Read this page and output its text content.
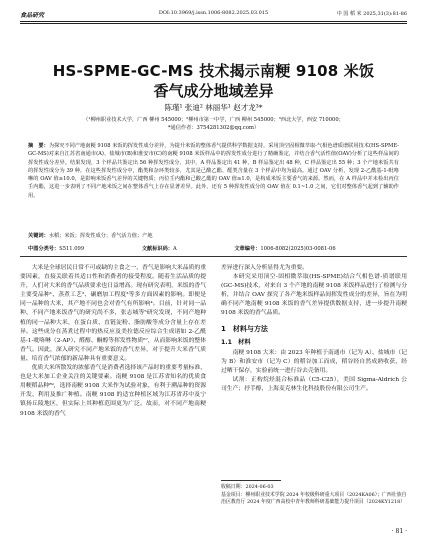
食品研究	DOI:10.3969/j.issn.1006-8082.2025.03.015	中 国 稻 米 2025,31(3):81-86
HS-SPME-GC-MS 技术揭示南粳 9108 米饭
香气成分地域差异
陈瑾¹ 张迪² 林丽华¹ 赵才龙³*
（¹柳州职业技术大学，广西 柳州 545000；²柳州市第一中学，广西 柳州 545000；³西北大学，西安 710000；
*通信作者：3754281302@qq.com）
摘　要：为探究不同产地南粳 9108 米饭的挥发性成分差异，为提升米饭的整体香气提供科学数据支持，采用顶空固相微萃取-气相色谱质谱联用技术(HS-SPME-GC-MS)对来自江苏省南通市(A)、盐城市(B)和淮安市(C)的南粳 9108 米饭样品中的挥发性成分进行了精确鉴定，并结合香气活性值(OAV)分析了这些样品间的挥发性成分差异。结果发现，3 个样品共鉴定出 56 种挥发性成分，其中，A 样品鉴定出 41 种，B 样品鉴定出 48 种，C 样品鉴定出 55 种；3 个产地米饭共有的挥发性成分为 39 种。在这些挥发性成分中，酯类和杂环类较多，尤其是己酸乙酯、醛类含量在 3 个样品中均为最高。通过 OAV 分析，发现 2-乙酰基-1-吡咯啉的 OAV 值≥10.0，是影响米饭香气差异的关键物质；丙位壬内酯和己酸乙酯的 OAV 值≥1.0，是构成米饭主要香气的来源。然而，在 A 样品中并未检出丙位壬内酯，这进一步表明了不同产地米饭之间在整体香气上存在显著差异。此外，还有 5 种挥发性成分的 OAV 值在 0.1~1.0 之间，它们对整体香气起到了辅助作用。
关键词：水稻；米饭；挥发性成分；香气活力值；产地
中图分类号：S511.099	文献标识码：A	文章编号：1006-8082(2025)03-0081-06

大米是全球居民日常不可或缺的主食之一，香气是影响大米品质的重要因素，直接关联着其适口性和消费者的接受程度。随着生活品质的提升，人们对大米的香气品质要求也日益增高。现有研究表明，米饭的香气主要受品种¹、蒸煮工艺²、碾磨加工程度³等多方面因素的影响。即便是同一品种的大米，其产地不同也会对香气有所影响⁴。目前，针对同一品种、不同产地米饭香气的研究尚不多，张志城等⁵研究发现，不同产地种植的同一品种大米，在蛋白质、直链淀粉、脂肪酸等成分含量上存在差异。这些成分在蒸煮过程中的热反应及美拉德反应综合生成诸如 2-乙酰基-1-吡咯啉（2-AP）、醛醇、酮醇等挥发性物质⁶⁷，从而影响米饭的整体香气。因此，深入研究不同产地米饭的香气差异，对于提升大米香气质量、培育香气浓郁的新品种具有重要意义。

优质大米所散发的浓郁香气是消费者选择该产品时的重要考量标准，也是大米加工企业关注的关键要素。南粳 9108 是江苏省知名的优质食用粳稻品种⁸⁹，选择南粳 9108 大米作为试验对象，有利于溯品种的资源开发、利用及推广种植。南粳 9108 的适宜种植区域为江苏省苏中及宁镇扬丘陵地区，但实际上其种植范围更为广泛。故而，对不同产地南粳 9108 米饭的香气

差异进行深入分析显得尤为重要。

本研究采用顶空-固相微萃取(HS-SPME)结合气相色谱-质谱联用(GC-MS)技术，对来自 3 个产地的南粳 9108 米饭样品进行了检测与分析，并结合 OAV 探究了各产地米饭样品间挥发性成分的差异，旨在为明确不同产地南粳 9108 米饭的香气差异提供数据支持，进一步提升南粳 9108 米饭的香气品质。

1　材料与方法
1.1　材料

南粳 9108 大米：由 2023 年种植于南通市（记为 A）、盐城市（记为 B）和淮安市（记为 C）的稻谷加工而成，稻谷经自然成熟收获，经过晒干保存，实验前统一进行谷去壳备用。

试剂：正构烷烃混合标准品（C5-C25），美国 Sigma-Aldrich 公司生产；抒手醇，上海麦克林生化科技股份有限公司生产。

收稿日期：2024-06-03
基金项目：柳州职业技术学院 2024 年校级科研重大项目（2024KA06）；广西壮族自治区教育厅 2024 年度广西高校中青年教师科研基础能力提升项目（2024KY1218）
· 81 ·
